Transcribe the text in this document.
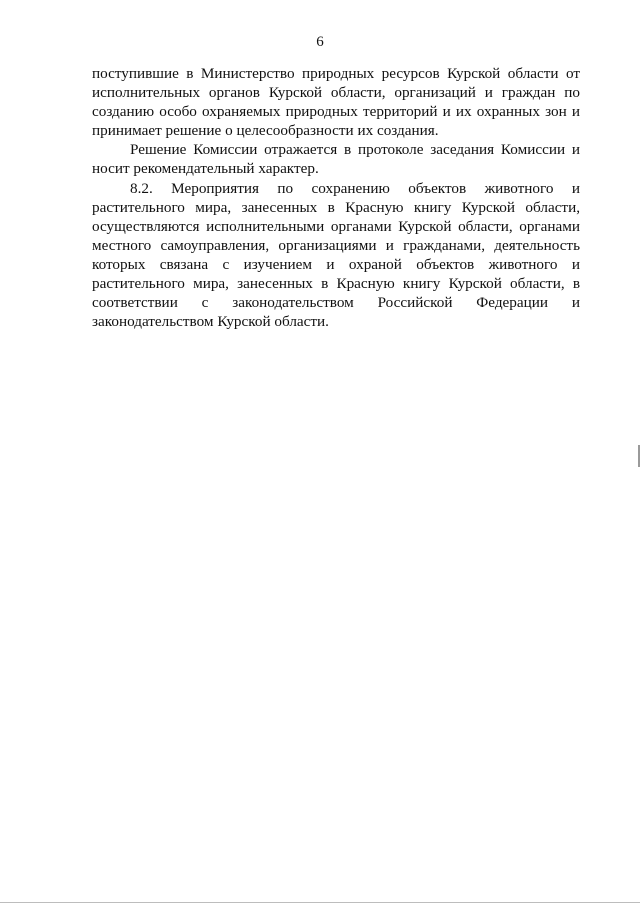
6

поступившие в Министерство природных ресурсов Курской области от исполнительных органов Курской области, организаций и граждан по созданию особо охраняемых природных территорий и их охранных зон и принимает решение о целесообразности их создания.

Решение Комиссии отражается в протоколе заседания Комиссии и носит рекомендательный характер.

8.2. Мероприятия по сохранению объектов животного и растительного мира, занесенных в Красную книгу Курской области, осуществляются исполнительными органами Курской области, органами местного самоуправления, организациями и гражданами, деятельность которых связана с изучением и охраной объектов животного и растительного мира, занесенных в Красную книгу Курской области, в соответствии с законодательством Российской Федерации и законодательством Курской области.
